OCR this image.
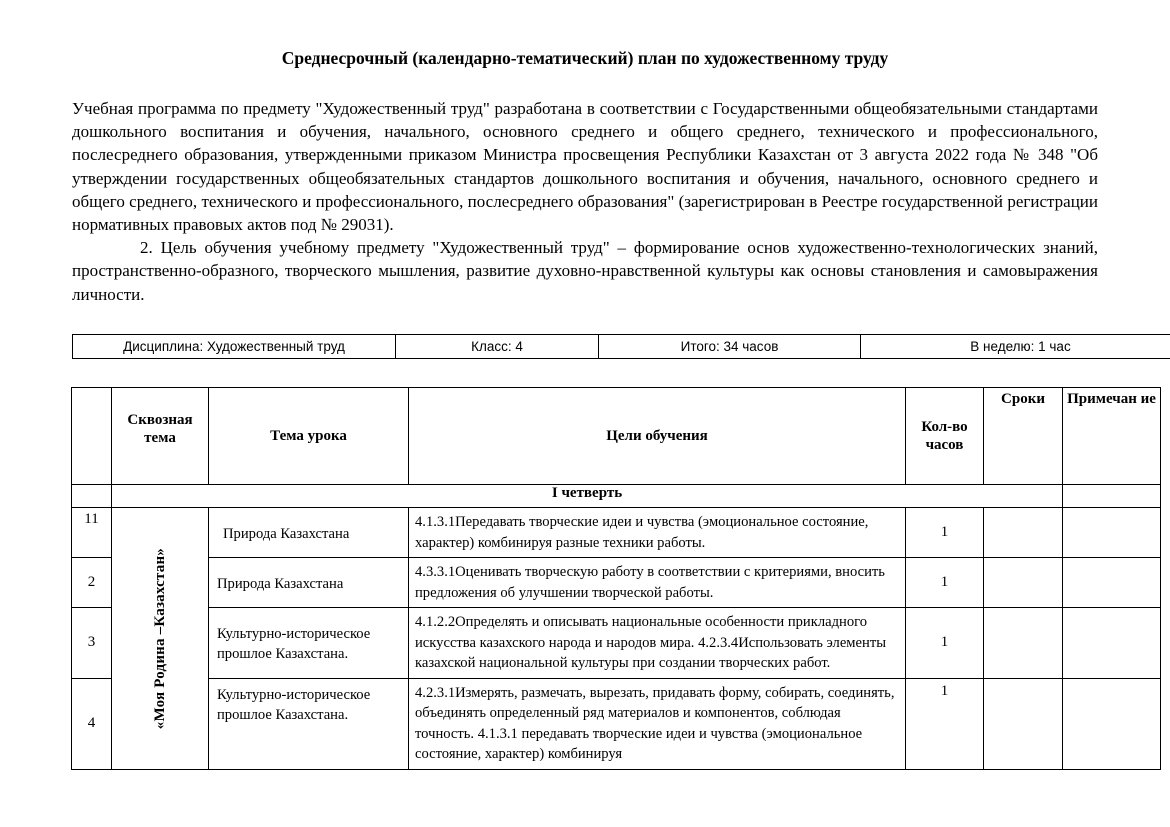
Среднесрочный (календарно-тематический) план по художественному труду

Учебная программа по предмету "Художественный труд" разработана в соответствии с Государственными общеобязательными стандартами дошкольного воспитания и обучения, начального, основного среднего и общего среднего, технического и профессионального, послесреднего образования, утвержденными приказом Министра просвещения Республики Казахстан от 3 августа 2022 года № 348 "Об утверждении государственных общеобязательных стандартов дошкольного воспитания и обучения, начального, основного среднего и общего среднего, технического и профессионального, послесреднего образования" (зарегистрирован в Реестре государственной регистрации нормативных правовых актов под № 29031).

2. Цель обучения учебному предмету "Художественный труд" – формирование основ художественно-технологических знаний, пространственно-образного, творческого мышления, развитие духовно-нравственной культуры как основы становления и самовыражения личности.

Дисциплина: Художественный труд	Класс: 4	Итого: 34 часов	В неделю: 1 час
	Сквозная тема	Тема урока	Цели обучения	Кол-во часов	Сроки	Примечан ие
	I четверть					
11	«Моя Родина –Казахстан»	Природа Казахстана	4.1.3.1Передавать творческие идеи и чувства (эмоциональное состояние, характер) комбинируя разные техники работы.	1		
2		Природа Казахстана	4.3.3.1Оценивать творческую работу в соответствии с критериями, вносить предложения об улучшении творческой работы.	1		
3		Культурно-историческое прошлое Казахстана.	4.1.2.2Определять и описывать национальные особенности прикладного искусства казахского народа и народов мира. 4.2.3.4Использовать элементы казахской национальной культуры при создании творческих работ.	1		
4		Культурно-историческое прошлое Казахстана.	4.2.3.1Измерять, размечать, вырезать, придавать форму, собирать, соединять, объединять определенный ряд материалов и компонентов, соблюдая точность. 4.1.3.1 передавать творческие идеи и чувства (эмоциональное состояние, характер) комбинируя	1		
